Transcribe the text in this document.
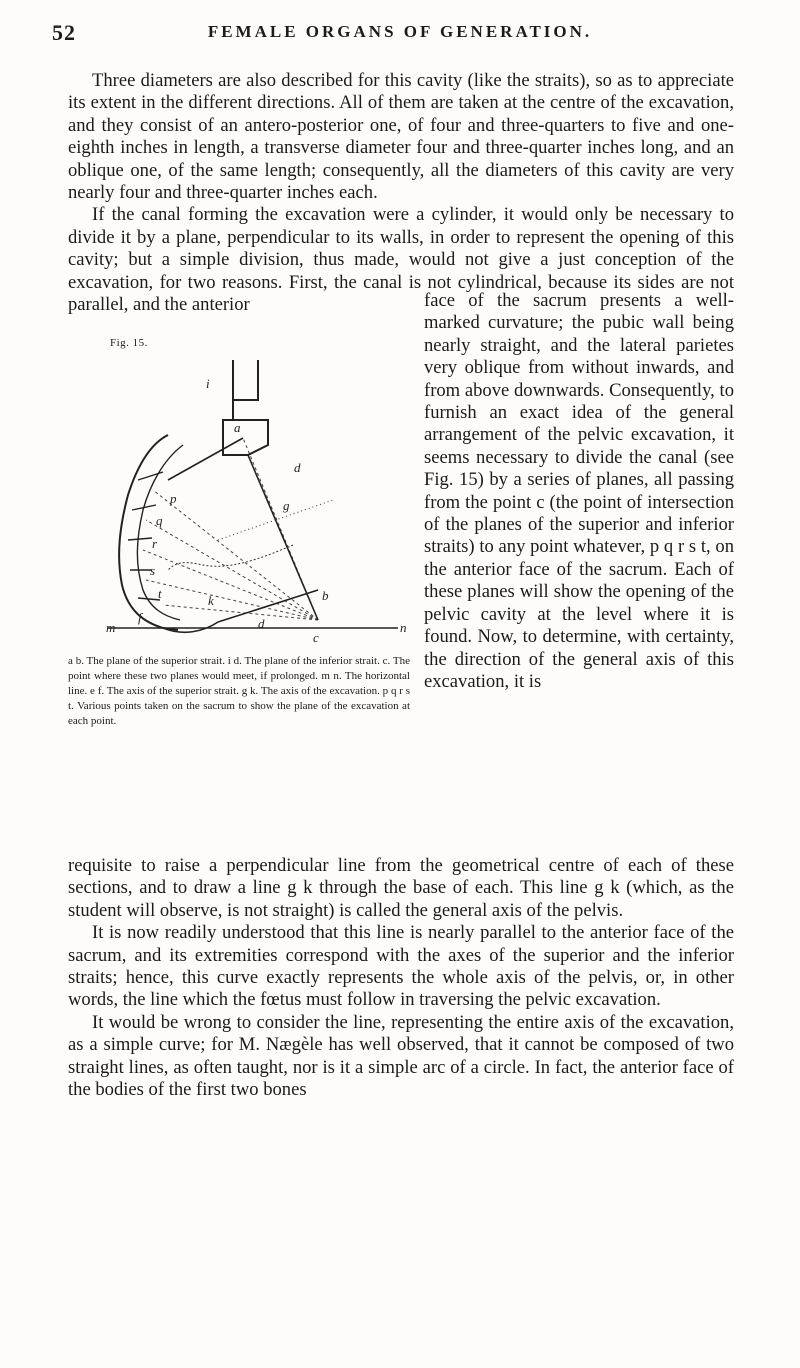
52	FEMALE ORGANS OF GENERATION.

Three diameters are also described for this cavity (like the straits), so as to appreciate its extent in the different directions. All of them are taken at the centre of the excavation, and they consist of an antero-posterior one, of four and three-quarters to five and one-eighth inches in length, a transverse diameter four and three-quarter inches long, and an oblique one, of the same length; consequently, all the diameters of this cavity are very nearly four and three-quarter inches each.

If the canal forming the excavation were a cylinder, it would only be necessary to divide it by a plane, perpendicular to its walls, in order to represent the opening of this cavity; but a simple division, thus made, would not give a just conception of the excavation, for two reasons. First, the canal is not cylindrical, because its sides are not parallel, and the anterior

Fig. 15.
i
a
d
g
b
c
p
q
r
s
t	k
f	d
m	n

face of the sacrum presents a well-marked curvature; the pubic wall being nearly straight, and the lateral parietes very oblique from without inwards, and from above downwards. Consequently, to furnish an exact idea of the general arrangement of the pelvic excavation, it seems necessary to divide the canal (see Fig. 15) by a series of planes, all passing from the point c (the point of intersection of the planes of the superior and inferior straits) to any point whatever, p q r s t, on the anterior face of the sacrum. Each of these planes will show the opening of the pelvic cavity at the level where it is found. Now, to determine, with certainty, the direction of the general axis of this excavation, it is

a b. The plane of the superior strait. i d. The plane of the inferior strait. c. The point where these two planes would meet, if prolonged. m n. The horizontal line. e f. The axis of the superior strait. g k. The axis of the excavation. p q r s t. Various points taken on the sacrum to show the plane of the excavation at each point.

requisite to raise a perpendicular line from the geometrical centre of each of these sections, and to draw a line g k through the base of each. This line g k (which, as the student will observe, is not straight) is called the general axis of the pelvis.

It is now readily understood that this line is nearly parallel to the anterior face of the sacrum, and its extremities correspond with the axes of the superior and the inferior straits; hence, this curve exactly represents the whole axis of the pelvis, or, in other words, the line which the fœtus must follow in traversing the pelvic excavation.

It would be wrong to consider the line, representing the entire axis of the excavation, as a simple curve; for M. Nægèle has well observed, that it cannot be composed of two straight lines, as often taught, nor is it a simple arc of a circle. In fact, the anterior face of the bodies of the first two bones
